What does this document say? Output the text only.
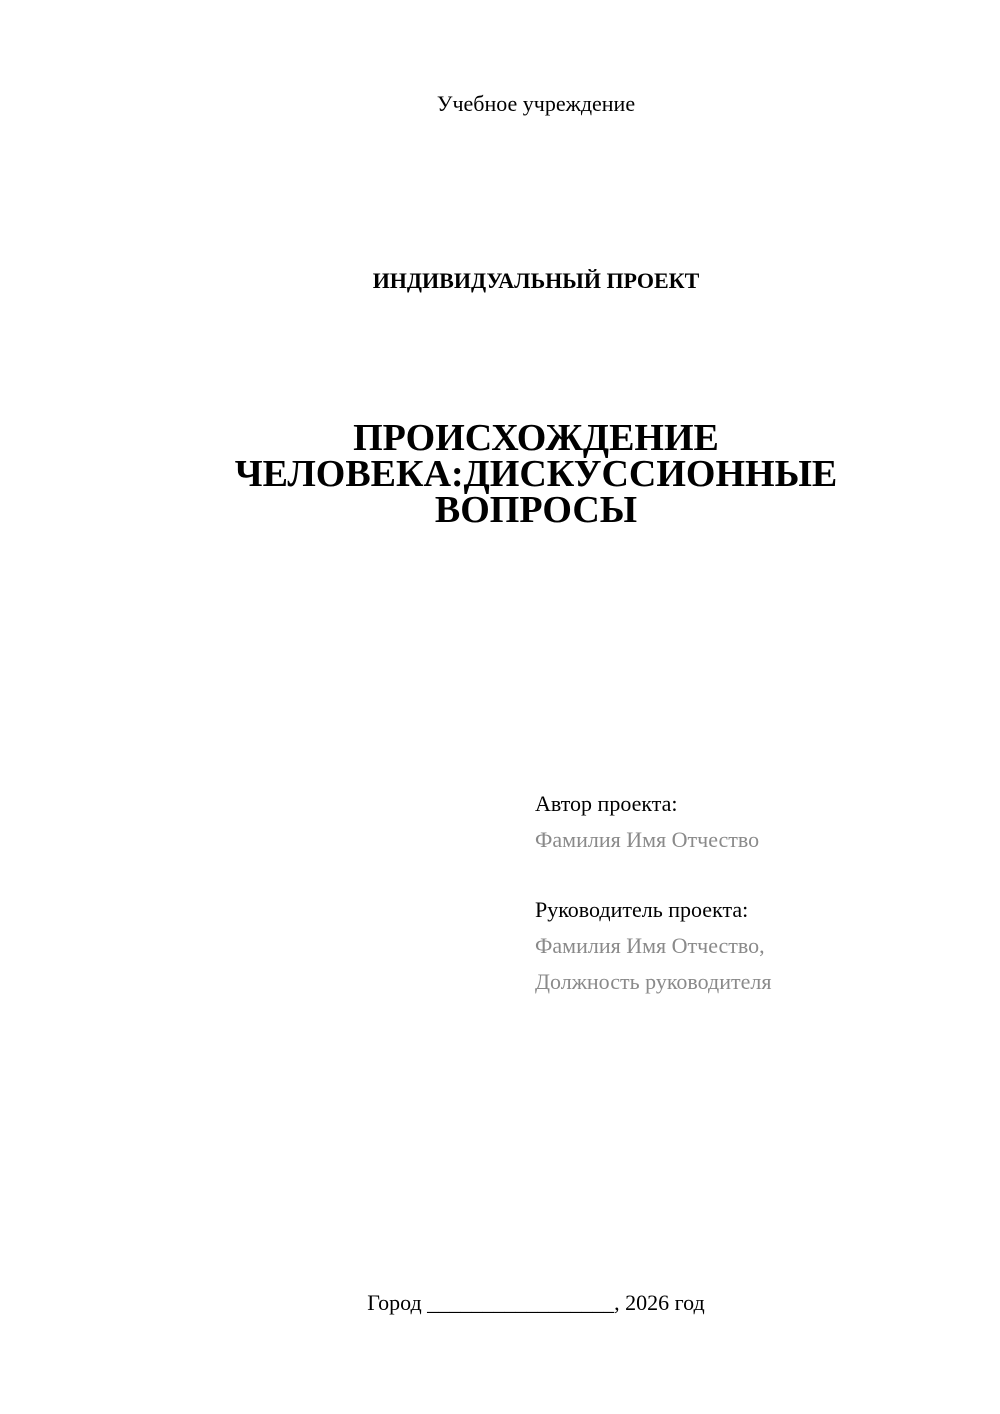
Учебное учреждение
ИНДИВИДУАЛЬНЫЙ ПРОЕКТ
ПРОИСХОЖДЕНИЕ
ЧЕЛОВЕКА:ДИСКУССИОННЫЕ
ВОПРОСЫ
Автор проекта:
Фамилия Имя Отчество
Руководитель проекта:
Фамилия Имя Отчество,
Должность руководителя
Город _________________, 2026 год
